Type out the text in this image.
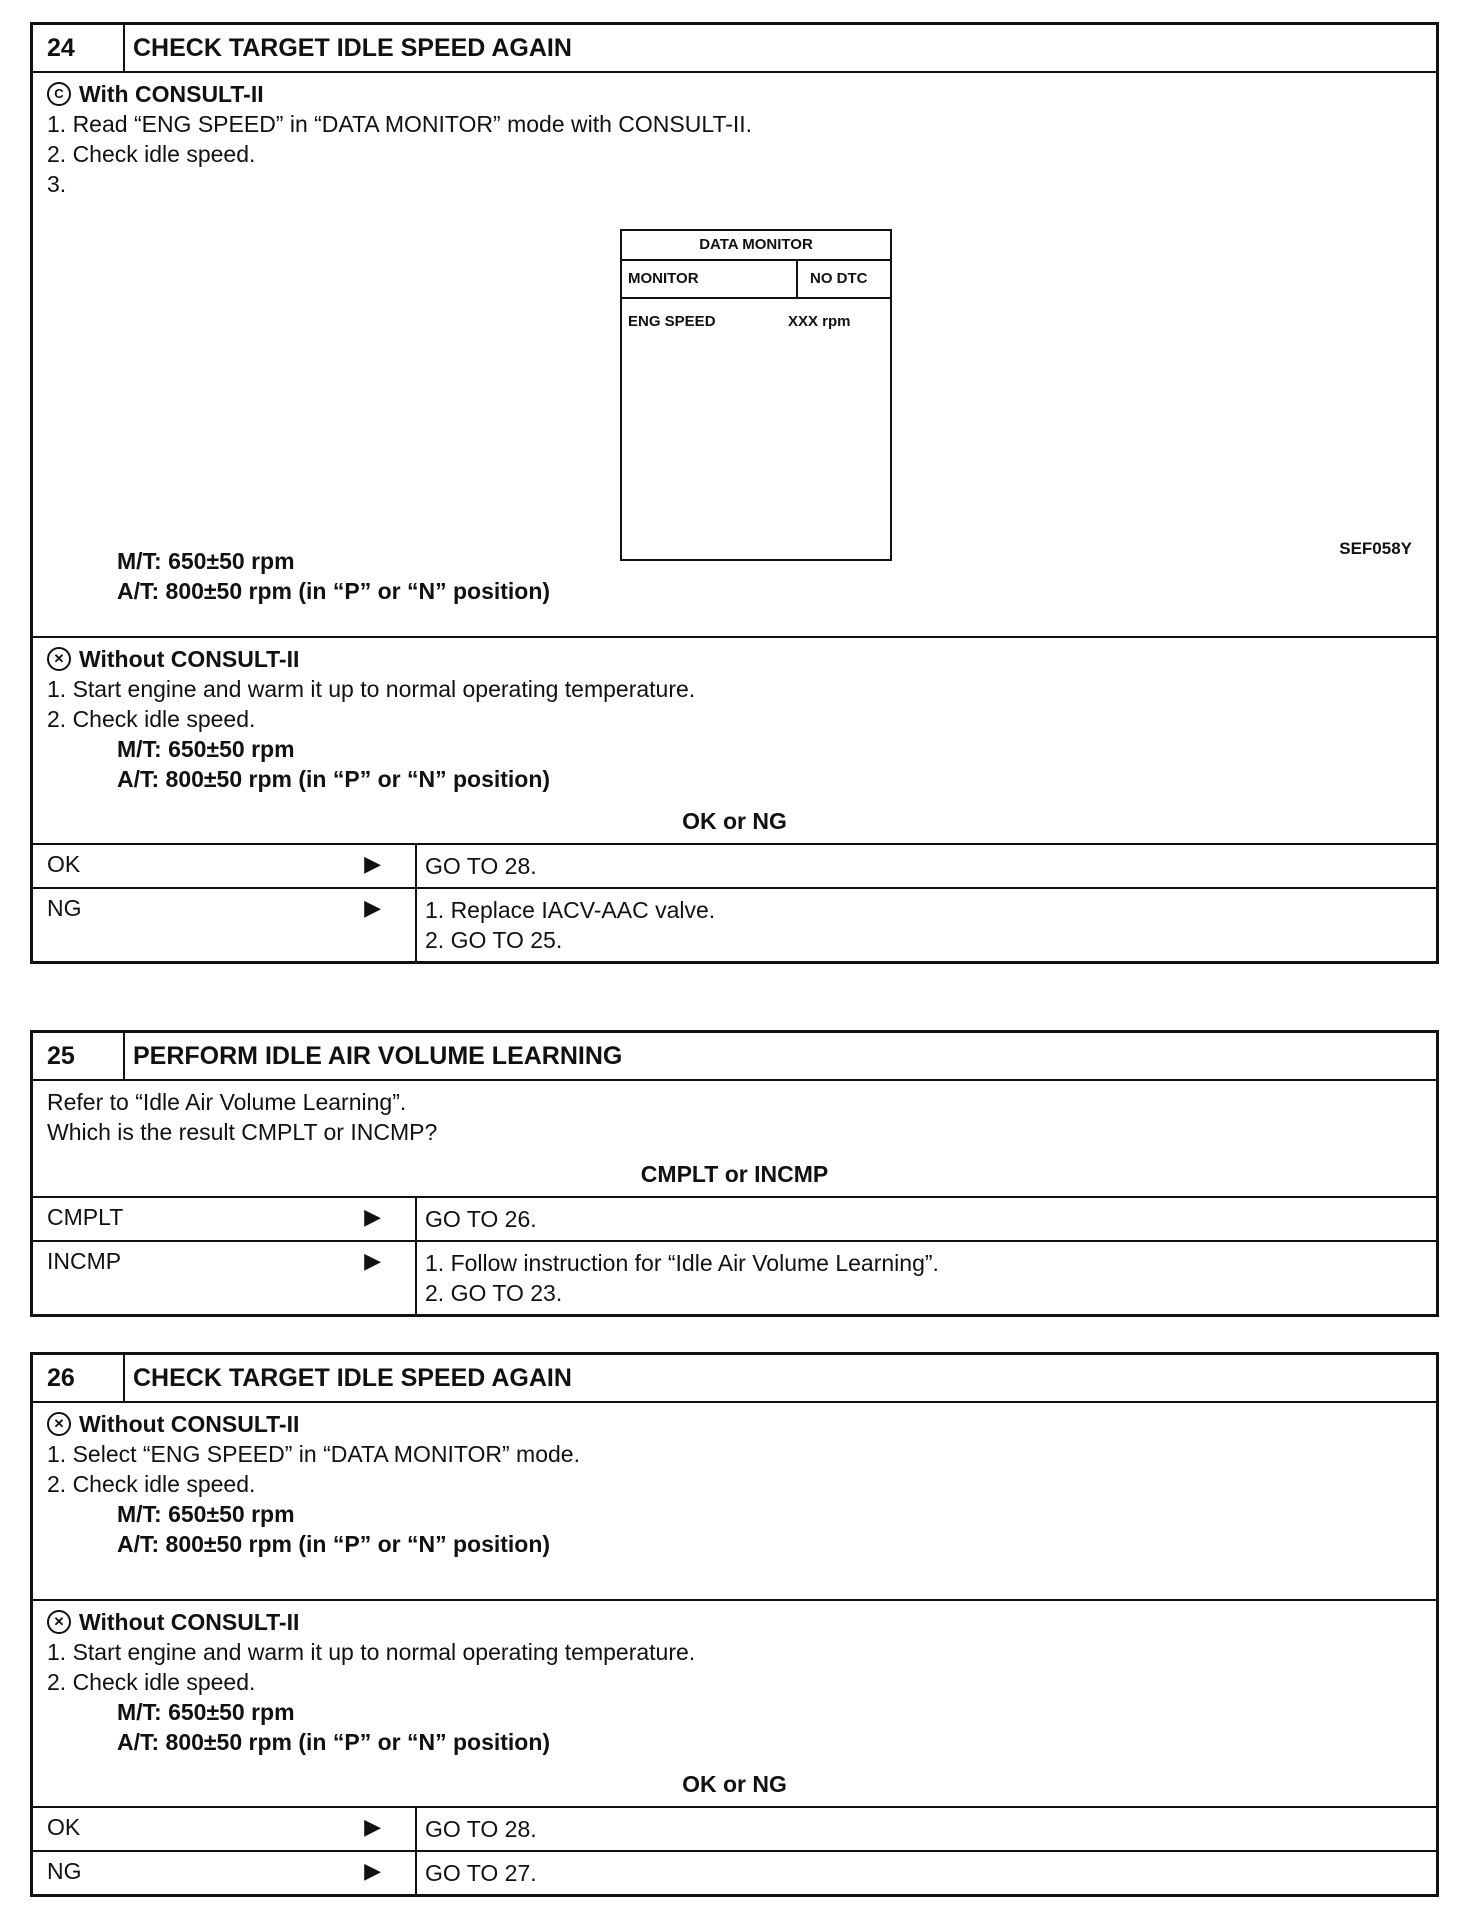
24	CHECK TARGET IDLE SPEED AGAIN
C With CONSULT-II
1. Read “ENG SPEED” in “DATA MONITOR” mode with CONSULT-II.
2. Check idle speed.
3.
DATA MONITOR
MONITOR	NO DTC
ENG SPEED	XXX rpm
SEF058Y
M/T: 650±50 rpm
A/T: 800±50 rpm (in “P” or “N” position)
✕ Without CONSULT-II
1. Start engine and warm it up to normal operating temperature.
2. Check idle speed.
M/T: 650±50 rpm
A/T: 800±50 rpm (in “P” or “N” position)
OK or NG
OK	▶ GO TO 28.
NG	▶ 1. Replace IACV-AAC valve.
2. GO TO 25.
25	PERFORM IDLE AIR VOLUME LEARNING
Refer to “Idle Air Volume Learning”.
Which is the result CMPLT or INCMP?
CMPLT or INCMP
CMPLT	▶ GO TO 26.
INCMP	▶ 1. Follow instruction for “Idle Air Volume Learning”.
2. GO TO 23.
26	CHECK TARGET IDLE SPEED AGAIN
✕ Without CONSULT-II
1. Select “ENG SPEED” in “DATA MONITOR” mode.
2. Check idle speed.
M/T: 650±50 rpm
A/T: 800±50 rpm (in “P” or “N” position)
✕ Without CONSULT-II
1. Start engine and warm it up to normal operating temperature.
2. Check idle speed.
M/T: 650±50 rpm
A/T: 800±50 rpm (in “P” or “N” position)
OK or NG
OK	▶ GO TO 28.
NG	▶ GO TO 27.
